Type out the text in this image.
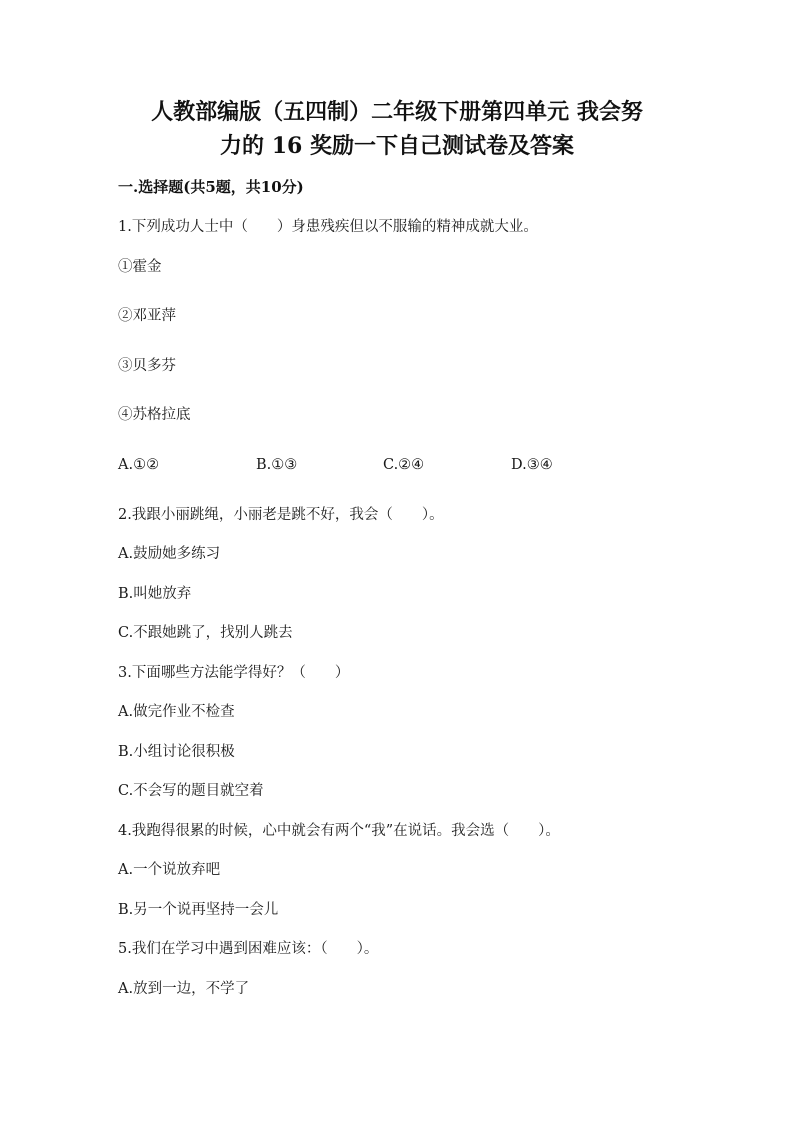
人教部编版（五四制）二年级下册第四单元 我会努
力的 16 奖励一下自己测试卷及答案
一.选择题(共5题，共10分)
1.下列成功人士中（　　）身患残疾但以不服输的精神成就大业。
①霍金
②邓亚萍
③贝多芬
④苏格拉底
A.①②	B.①③	C.②④	D.③④
2.我跟小丽跳绳，小丽老是跳不好，我会（　　）。
A.鼓励她多练习
B.叫她放弃
C.不跟她跳了，找别人跳去
3.下面哪些方法能学得好？（　　）
A.做完作业不检查
B.小组讨论很积极
C.不会写的题目就空着
4.我跑得很累的时候，心中就会有两个“我”在说话。我会选（　　）。
A.一个说放弃吧
B.另一个说再坚持一会儿
5.我们在学习中遇到困难应该：（　　）。
A.放到一边，不学了
